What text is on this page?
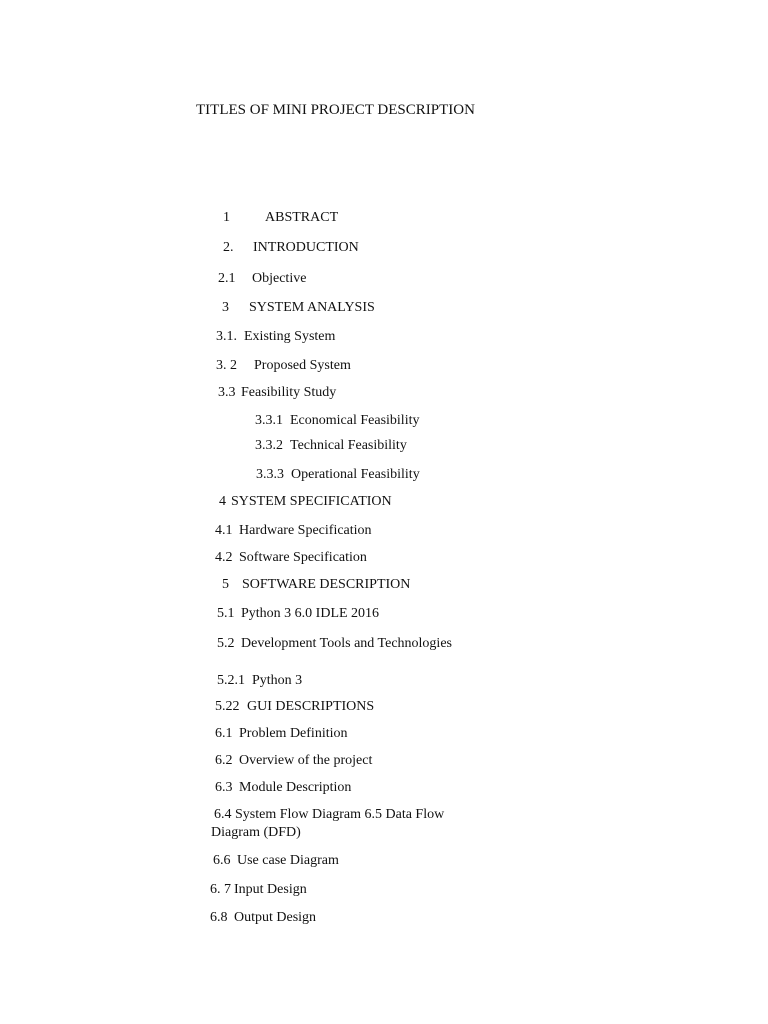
TITLES OF MINI PROJECT DESCRIPTION
1	ABSTRACT
2. INTRODUCTION
2.1 Objective
3 SYSTEM ANALYSIS
3.1. Existing System
3. 2 Proposed System
3.3 Feasibility Study
3.3.1 Economical Feasibility
3.3.2 Technical Feasibility
3.3.3 Operational Feasibility
4 SYSTEM SPECIFICATION
4.1 Hardware Specification
4.2 Software Specification
5 SOFTWARE DESCRIPTION
5.1 Python 3 6.0 IDLE 2016
5.2 Development Tools and Technologies
5.2.1 Python 3
5.22 GUI DESCRIPTIONS
6.1 Problem Definition
6.2 Overview of the project
6.3 Module Description
6.4 System Flow Diagram 6.5 Data Flow Diagram (DFD)
6.6 Use case Diagram
6. 7 Input Design
6.8 Output Design
